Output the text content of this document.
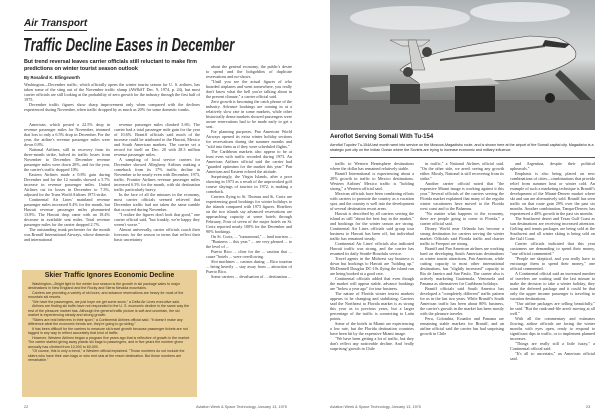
Air Transport
Traffic Decline Eases in December
But trend reversal leaves carrier officials still reluctant to make firm predictions on winter tourist season outlook
By Rosalind K. Ellingsworth

Washington—December traffic, which officially opens the winter tourist season for U. S. airlines, has taken some of the sting out of the November traffic slump (AW&ST Dec. 9, 1974, p. 24), but most carrier officials are still looking at the probability of zero growth for the industry through the first half of 1975.

December traffic figures show sharp improvement only when compared with the declines experienced during November, when traffic dropped by as much as 20% for some domestic trunks.

American, which posted a 22.5% drop in revenue passenger miles for November, trimmed that loss to only a 6.5% drop in December. For the year, the airline's revenue passenger miles were down 0.8%.

National Airlines, still in recovery from its three-month strike, halved its traffic losses from November to December. December revenue passenger miles were down 20%, and for the year, the carrier's traffic dropped 10%.

Eastern Airlines made a 0.8% gain during December and for the 12 months showed a 5.7% increase in revenue passenger miles. United Airlines cut its losses in December to 7.3%, adjusted for the Trans World Airlines 1973 strike.

Continental Air Lines' mainland revenue passenger miles increased 0.4% for the month, but Hawaii revenue passenger miles plummeted 13.8%. The Hawaii drop came with an 18.4% decrease in available seat miles. Total revenue passenger miles for the carrier dropped 2.7%.

The outstanding trunk performer for the month was Braniff International Airways, whose domestic and international

revenue passenger miles climbed 5.6%. The carrier had a total passenger mile gain for the year of 10.6%. Braniff officials said much of the increase could be attributed to the Hawaii, Mexico and South American markets. The carrier set a record for itself on Dec. 20 with 28.3 million revenue passenger miles.

A sampling of local service carriers for December showed Allegheny Airlines making a comeback from its 17% traffic decline in November to be nearly even with December, 1973, traffic. Frontier Airlines revenue passenger miles increased 6.3% for the month, with ski destination traffic particularly heavy.

In the face of all the minuses in the economy, most carrier officials seemed relieved that December traffic had not taken the same tumble that occurred during November.

"I realize the figures don't look that good," one carrier official said, "but frankly, we're happy they weren't worse."

Almost universally, carrier officials couch their forecasts for the season in terms that reflect their basic uncertainty

about the general economy, the public's desire to spend and the hobgoblins of duplicate reservations and no-shows.

"Until you see the actual figures of who boarded airplanes and went somewhere, you really don't know what the hell you're talking about in the present climate," a carrier official said.

Zero growth is becoming the catch phrase of the industry. Advance bookings are coming in at a relatively slow rate in some markets, while other historically dense markets showed passengers were aware reservations had to be made early to get a seat.

For planning purposes, Pan American World Airways opened its extra winter holiday sections for reservations during the summer months and "sold into them as if they were scheduled flights."

The Caribbean markets also appear to be at least even with traffic recorded during 1973. An American Airlines official said the carrier had "guarded optimism for the market this year." Pan American and Eastern echoed the attitude.

Surprisingly, the Virgin Islands, after a poor showing in 1973 as a result of the unprovoked golf course slayings of tourists in 1972, is making a comeback.

Carriers flying to St. Thomas and St. Croix are experiencing good bookings for winter holidays to the islands compared with 1973 figures. Hoteliers on the two islands say advanced reservations are approaching capacity at some hotels through February. Four of seven of the major hotels on St. Croix reported nearly 100% for the December and 90% bookings.

On St. Croix, ... "turnaround," ... land tourism ...

"Business ... this year," ... are very pleased ... to the level of ...

Puerto Rico ... cline for the ... caution that ... cause "hotels ... were overflowing.

Slot machines ... casinos during ... Rico tourism ... being heavily ... stay away from ... attraction of Puerto Rico.

Some carriers ... devaluation of ... destination ...

Skier Traffic Ignores Economic Decline

Washington—Bright light in the winter tour season is the growth in ski package sales to major destinations in New England and the Rocky and Sierra Nevada mountains.

Carriers are providing a variety of ski tours, and advance reservations are heavy for most of the mountain ski resorts.

"We have the passengers, we just hope we get some snow," a Delta Air Lines executive said.

Airlines are finding ski buffs have not responded to the U. S. economic decline in the same way the rest of the pleasure market has. Although the general traffic picture is soft and uncertain, the ski market is experiencing steady and strong growth.

"Skiers are real believers in their sport," a Continental Airlines official said. "It doesn't make any difference what the economic trends are, they're going to go skiing."

It has been difficult for the carriers to measure ski travel growth because passenger tickets are not tagged in any way to reflect accurately that kind of traffic.

However, Western Airlines began a program five years ago that is reflective of growth in the market. The carrier started giving away plastic ski bags to passengers, and in five years the number given annually has climbed from 10,000 to 60,000.

"Of course, this is only a trend," a Western official explained. "Those numbers do not include the skiers who have their own bags or who rent skis at the resort destination. But those numbers are remarkable."

22	Aviation Week & Space Technology, January 13, 1975
Aeroflot Serving Somali With Tu-154
Aeroflot Tupolev Tu-154A last month went into service on the Moscow-Magadishu route, and is shown here at the airport of the Somali capital city. Magadishu is a strategic port city on the Indian Ocean where the Soviets are trying to increase economic and military influence.

traffic to Western Hemisphere destinations where the dollar has remained relatively stable.

Braniff International is experiencing about a 20% growth in traffic to Mexico destinations. Western Airlines' Mexico traffic is "holding strong," a Western official said.

Mexican officials have been combining efforts with carriers to promote the country as a vacation spot, and the country is well into the development of several destination resort areas.

Hawaii is described by all carriers serving the island as still "about the best buy in the market," and bookings for the winter season are strong. Continental Air Lines officials said group tour business to Hawaii has been off, but individual traffic has remained steady.

Continental Air Lines' officials also indicated Hawaii traffic was strong, and the carrier has resumed its daily Seattle-Honolulu service.

Travel agents in the Midwest say business is down but bookings to Hawaii are "holding up." McDonnell Douglas DC-10s flying the island run are being booked at a good rate.

Continental officials added that even though the market will appear stable, advance bookings are "below a year ago" for tour business.

The nature of Florida winter tourist markets appears to be changing and stabilizing. Carriers said the Northeast to Florida market is as strong this year as in previous years, but a larger percentage of the traffic is connecting to Latin points.

Some of the hotels in Miami are experiencing a low rate, but the Florida destination countries have been hit by the expensive Miami image.

"We have been getting a lot of traffic, but they don't reflect any noticeable decline. And 'really surprising' growth in Chile

in traffic," a National Airlines official said. "On the other side, we aren't seeing any growth either. Mostly, National is still recovering from its strike."

Another carrier official noted that "the expensive Miami image is working against it this year." Several officials of the carriers serving the Florida market explained that many of the regular winter vacationers have moved to the Florida west coast and to the Bahamas.

"No matter what happens to the economy, there are people going to come to Florida," a carrier official said.

Disney World near Orlando has become a strong destination for carriers serving the winter market. Officials said Florida traffic and charter traffic to Freeport are strong.

Braniff and Pan American airlines are working hard on developing South American destinations as winter tourist attractions. Pan American, while cutting capacity to most other international destinations, has "slightly increased" capacity to Rio de Janeiro and Sao Paulo. The carrier also is actively marketing Guatemala, Venezuela and Panama as alternatives for Caribbean holidays.

Braniff officials said South America has developed a "completely different" traffic pattern for us in the last two years. While Braniff's South American traffic has been about 80% business, the carrier's growth in the market has been mostly with the pleasure traveler.

Peru, Colombia, Ecuador and Panama are remaining stable markets for Braniff, and an airline official said the carrier has had surprising growth in Chile

and Argentina, despite their political upheavals."

Emphasis is also being placed on new combinations of cities—combinations that provide relief from summer heat or winter cold. An example of such a marketing technique is Braniff's development of the Miami-Denver market where ski and sun are alternatively sold. Braniff has seen traffic on that route gain 29% over the past six months. Another combination, Tampa-Denver, has experienced a 48% growth in the past six months.

The Southwest desert and Texas Gulf Coast as sun destinations are receiving increased attention. Golfing and tennis packages are being sold at the Southwest and all winter skiing is being sold on the Gulf Coast.

Carrier officials indicated that this year customers are demanding to spend their money, "one official commented."

"People are skeptical, and you really have to encourage them to spend their money," one official commented.

A Continental official said an increased number of travelers are waiting until the last minute to make the decision to take a winter holiday, they want the deferred package and it could be that only the upper income passenger is traveling to vacation destinations.

"Our airline packages are selling beautifully," he said. "But the rank-and-file aren't moving at all well."

With all the commentary and estimates flowing, airline officials are facing the winter months with eyes open, ready to respond to significant dips in traffic, or to implement planned increases.

"Things are really still a little fuzzy," a Continental official said.

"It's all so uncertain," an American official said.

Aviation Week & Space Technology, January 13, 1975	23
